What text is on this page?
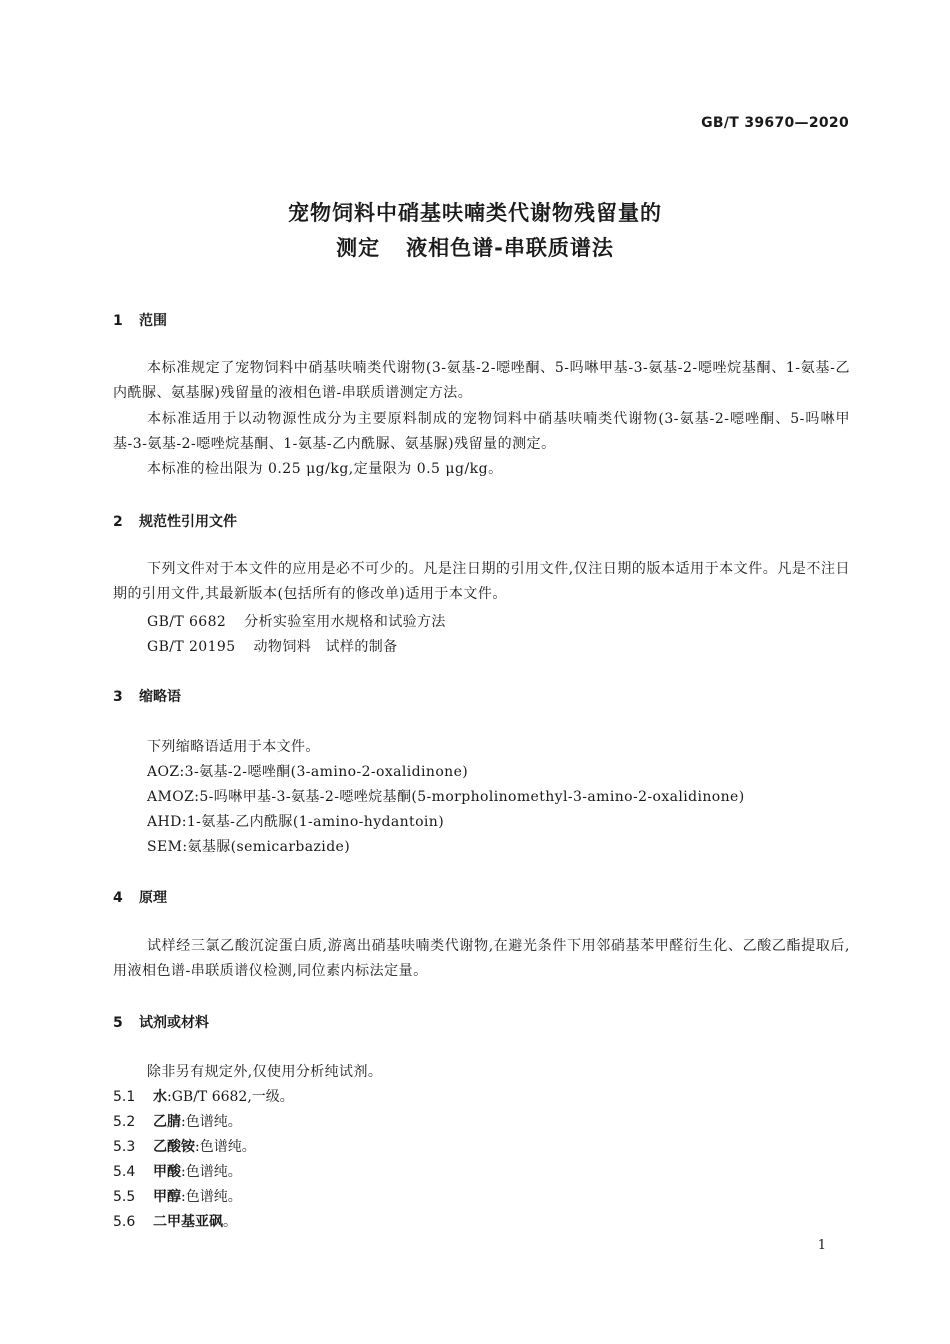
GB/T 39670—2020
宠物饲料中硝基呋喃类代谢物残留量的
测定 液相色谱-串联质谱法
1 范围
本标准规定了宠物饲料中硝基呋喃类代谢物(3-氨基-2-噁唑酮、5-吗啉甲基-3-氨基-2-噁唑烷基酮、1-氨基-乙内酰脲、氨基脲)残留量的液相色谱-串联质谱测定方法。
本标准适用于以动物源性成分为主要原料制成的宠物饲料中硝基呋喃类代谢物(3-氨基-2-噁唑酮、5-吗啉甲基-3-氨基-2-噁唑烷基酮、1-氨基-乙内酰脲、氨基脲)残留量的测定。
本标准的检出限为 0.25 μg/kg,定量限为 0.5 μg/kg。
2 规范性引用文件
下列文件对于本文件的应用是必不可少的。凡是注日期的引用文件,仅注日期的版本适用于本文件。凡是不注日期的引用文件,其最新版本(包括所有的修改单)适用于本文件。
GB/T 6682 分析实验室用水规格和试验方法
GB/T 20195 动物饲料　试样的制备
3 缩略语
下列缩略语适用于本文件。
AOZ:3-氨基-2-噁唑酮(3-amino-2-oxalidinone)
AMOZ:5-吗啉甲基-3-氨基-2-噁唑烷基酮(5-morpholinomethyl-3-amino-2-oxalidinone)
AHD:1-氨基-乙内酰脲(1-amino-hydantoin)
SEM:氨基脲(semicarbazide)
4 原理
试样经三氯乙酸沉淀蛋白质,游离出硝基呋喃类代谢物,在避光条件下用邻硝基苯甲醛衍生化、乙酸乙酯提取后,用液相色谱-串联质谱仪检测,同位素内标法定量。
5 试剂或材料
除非另有规定外,仅使用分析纯试剂。
5.1 水:GB/T 6682,一级。
5.2 乙腈:色谱纯。
5.3 乙酸铵:色谱纯。
5.4 甲酸:色谱纯。
5.5 甲醇:色谱纯。
5.6 二甲基亚砜。
1
